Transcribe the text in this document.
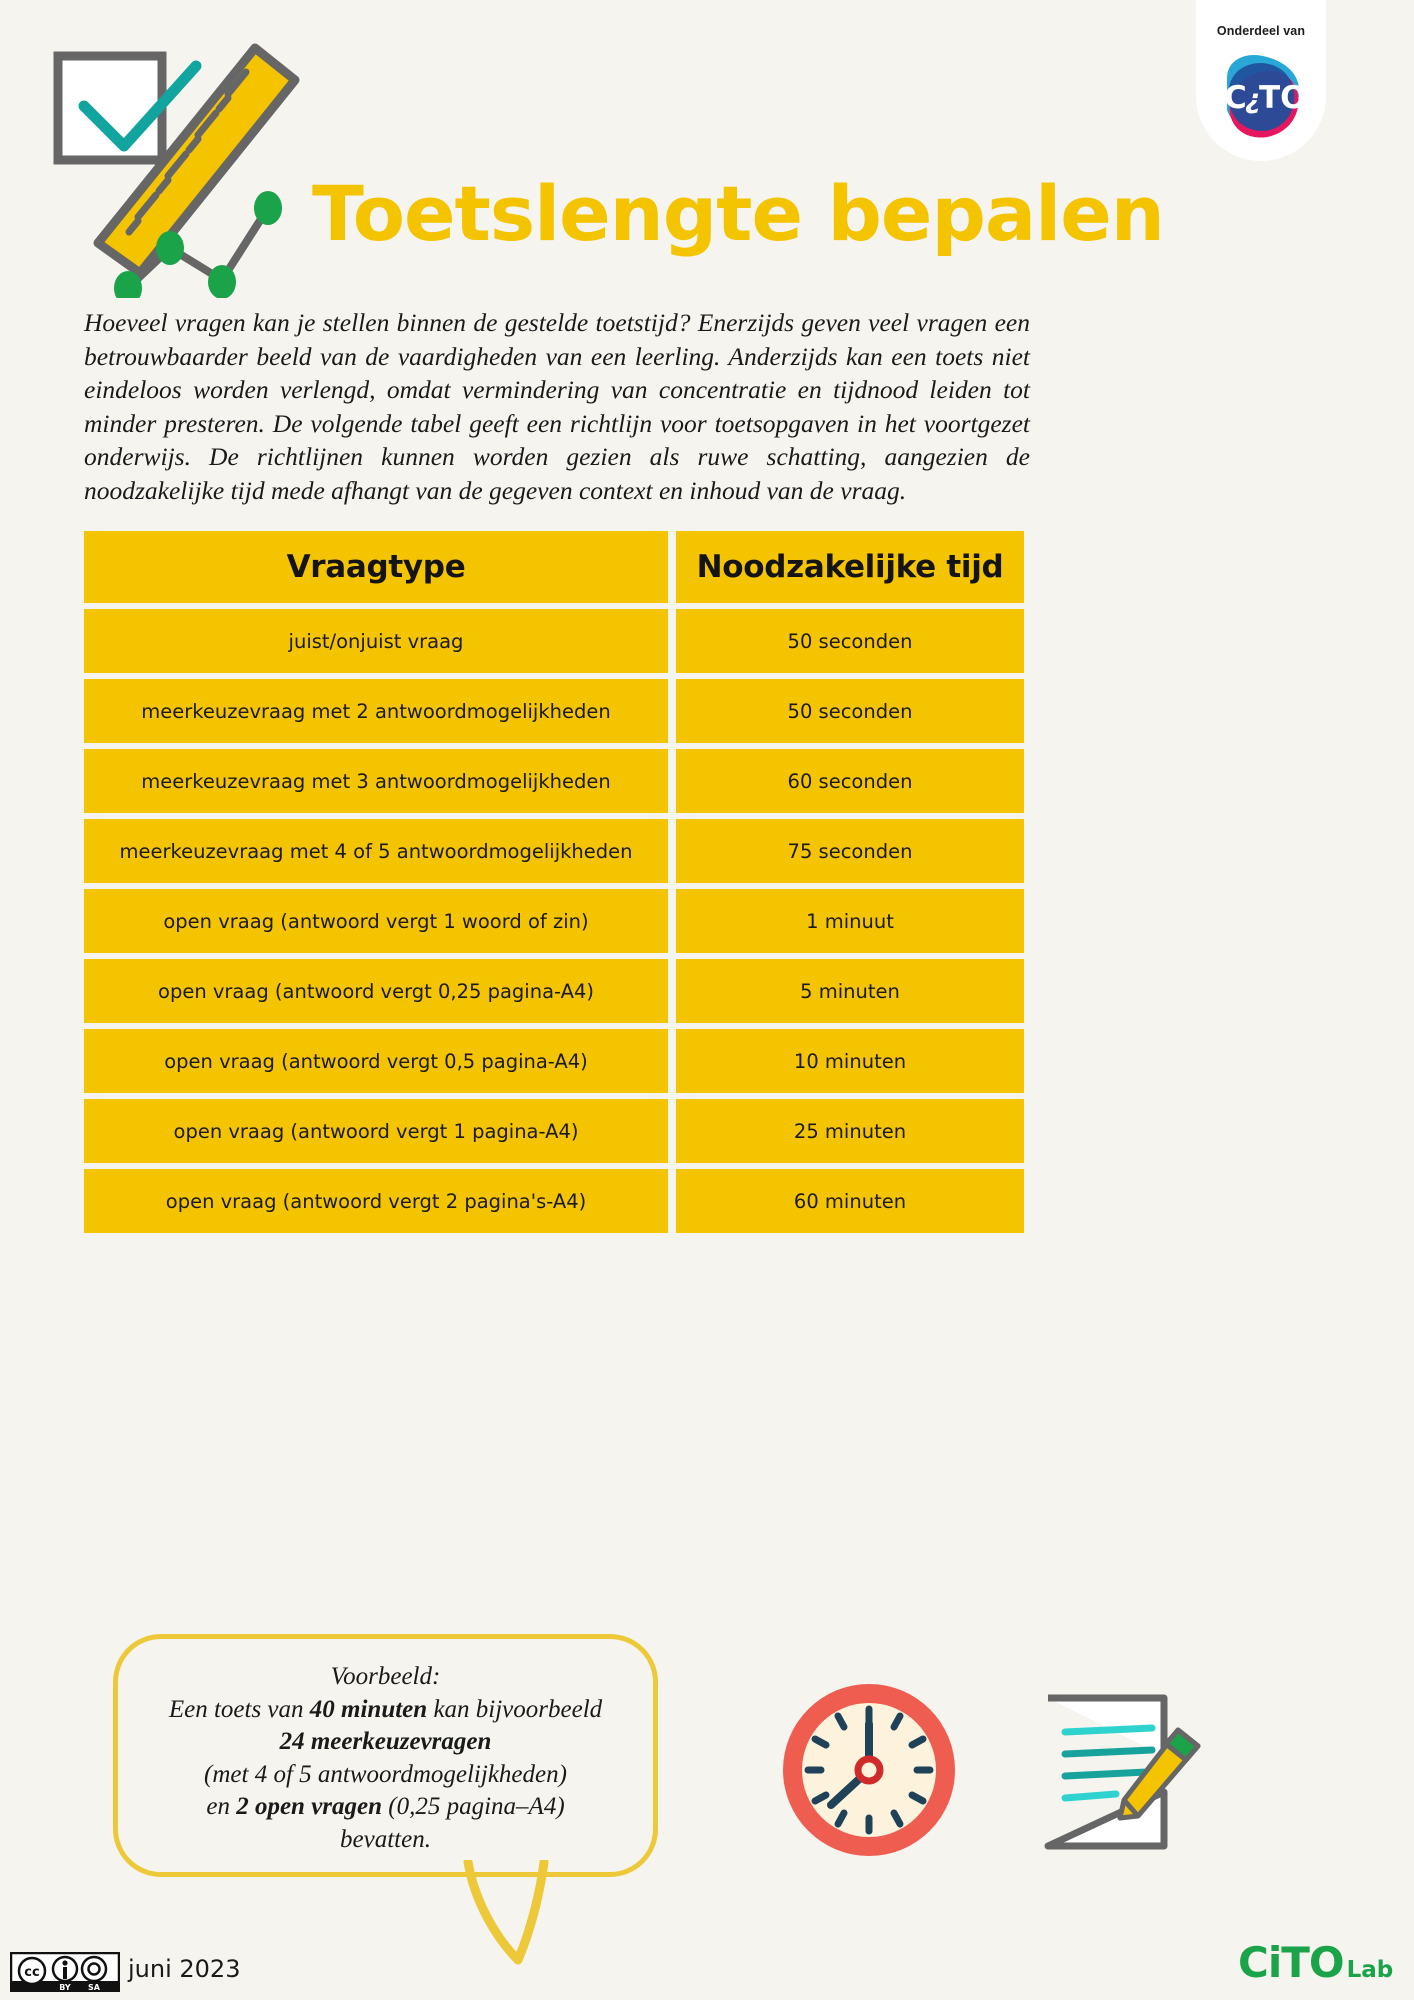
Onderdeel van
C
¿
TO
Toetslengte bepalen

Hoeveel vragen kan je stellen binnen de gestelde toetstijd? Enerzijds geven veel vragen een betrouwbaarder beeld van de vaardigheden van een leerling. Anderzijds kan een toets niet eindeloos worden verlengd, omdat vermindering van concentratie en tijdnood leiden tot minder presteren. De volgende tabel geeft een richtlijn voor toetsopgaven in het voortgezet onderwijs. De richtlijnen kunnen worden gezien als ruwe schatting, aangezien de noodzakelijke tijd mede afhangt van de gegeven context en inhoud van de vraag.

Vraagtype	Noodzakelijke tijd
juist/onjuist vraag	50 seconden
meerkeuzevraag met 2 antwoordmogelijkheden	50 seconden
meerkeuzevraag met 3 antwoordmogelijkheden	60 seconden
meerkeuzevraag met 4 of 5 antwoordmogelijkheden	75 seconden
open vraag (antwoord vergt 1 woord of zin)	1 minuut
open vraag (antwoord vergt 0,25 pagina-A4)	5 minuten
open vraag (antwoord vergt 0,5 pagina-A4)	10 minuten
open vraag (antwoord vergt 1 pagina-A4)	25 minuten
open vraag (antwoord vergt 2 pagina's-A4)	60 minuten
Voorbeeld:
Een toets van 40 minuten kan bijvoorbeeld
24 meerkeuzevragen
(met 4 of 5 antwoordmogelijkheden)
en 2 open vragen (0,25 pagina–A4)
bevatten.
cc
BY SA
juni 2023	CiTO Lab
